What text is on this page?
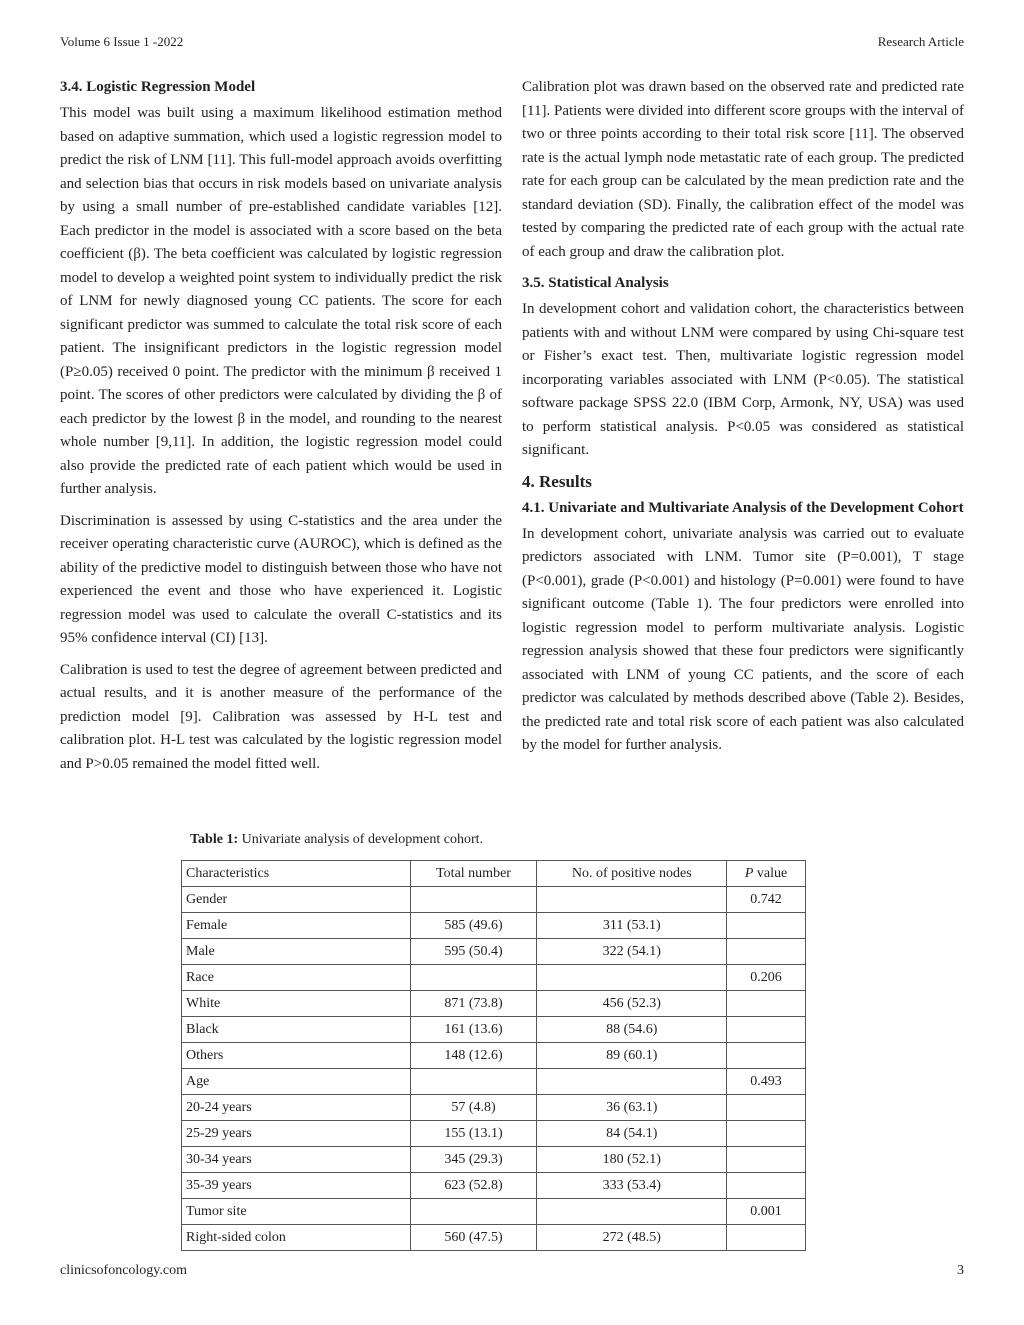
Volume 6 Issue 1 -2022	Research Article
3.4. Logistic Regression Model

This model was built using a maximum likelihood estimation method based on adaptive summation, which used a logistic regression model to predict the risk of LNM [11]. This full-model approach avoids overfitting and selection bias that occurs in risk models based on univariate analysis by using a small number of pre-established candidate variables [12]. Each predictor in the model is associated with a score based on the beta coefficient (β). The beta coefficient was calculated by logistic regression model to develop a weighted point system to individually predict the risk of LNM for newly diagnosed young CC patients. The score for each significant predictor was summed to calculate the total risk score of each patient. The insignificant predictors in the logistic regression model (P≥0.05) received 0 point. The predictor with the minimum β received 1 point. The scores of other predictors were calculated by dividing the β of each predictor by the lowest β in the model, and rounding to the nearest whole number [9,11]. In addition, the logistic regression model could also provide the predicted rate of each patient which would be used in further analysis.

Discrimination is assessed by using C-statistics and the area under the receiver operating characteristic curve (AUROC), which is defined as the ability of the predictive model to distinguish between those who have not experienced the event and those who have experienced it. Logistic regression model was used to calculate the overall C-statistics and its 95% confidence interval (CI) [13].

Calibration is used to test the degree of agreement between predicted and actual results, and it is another measure of the performance of the prediction model [9]. Calibration was assessed by H-L test and calibration plot. H-L test was calculated by the logistic regression model and P>0.05 remained the model fitted well.

Calibration plot was drawn based on the observed rate and predicted rate [11]. Patients were divided into different score groups with the interval of two or three points according to their total risk score [11]. The observed rate is the actual lymph node metastatic rate of each group. The predicted rate for each group can be calculated by the mean prediction rate and the standard deviation (SD). Finally, the calibration effect of the model was tested by comparing the predicted rate of each group with the actual rate of each group and draw the calibration plot.

3.5. Statistical Analysis

In development cohort and validation cohort, the characteristics between patients with and without LNM were compared by using Chi-square test or Fisher’s exact test. Then, multivariate logistic regression model incorporating variables associated with LNM (P<0.05). The statistical software package SPSS 22.0 (IBM Corp, Armonk, NY, USA) was used to perform statistical analysis. P<0.05 was considered as statistical significant.

4. Results
4.1. Univariate and Multivariate Analysis of the Development Cohort

In development cohort, univariate analysis was carried out to evaluate predictors associated with LNM. Tumor site (P=0.001), T stage (P<0.001), grade (P<0.001) and histology (P=0.001) were found to have significant outcome (Table 1). The four predictors were enrolled into logistic regression model to perform multivariate analysis. Logistic regression analysis showed that these four predictors were significantly associated with LNM of young CC patients, and the score of each predictor was calculated by methods described above (Table 2). Besides, the predicted rate and total risk score of each patient was also calculated by the model for further analysis.

Table 1: Univariate analysis of development cohort.
Characteristics	Total number	No. of positive nodes	P value
Gender			0.742
Female	585 (49.6)	311 (53.1)	
Male	595 (50.4)	322 (54.1)	
Race			0.206
White	871 (73.8)	456 (52.3)	
Black	161 (13.6)	88 (54.6)	
Others	148 (12.6)	89 (60.1)	
Age			0.493
20-24 years	57 (4.8)	36 (63.1)	
25-29 years	155 (13.1)	84 (54.1)	
30-34 years	345 (29.3)	180 (52.1)	
35-39 years	623 (52.8)	333 (53.4)	
Tumor site			0.001
Right-sided colon	560 (47.5)	272 (48.5)	
clinicsofoncology.com	3
